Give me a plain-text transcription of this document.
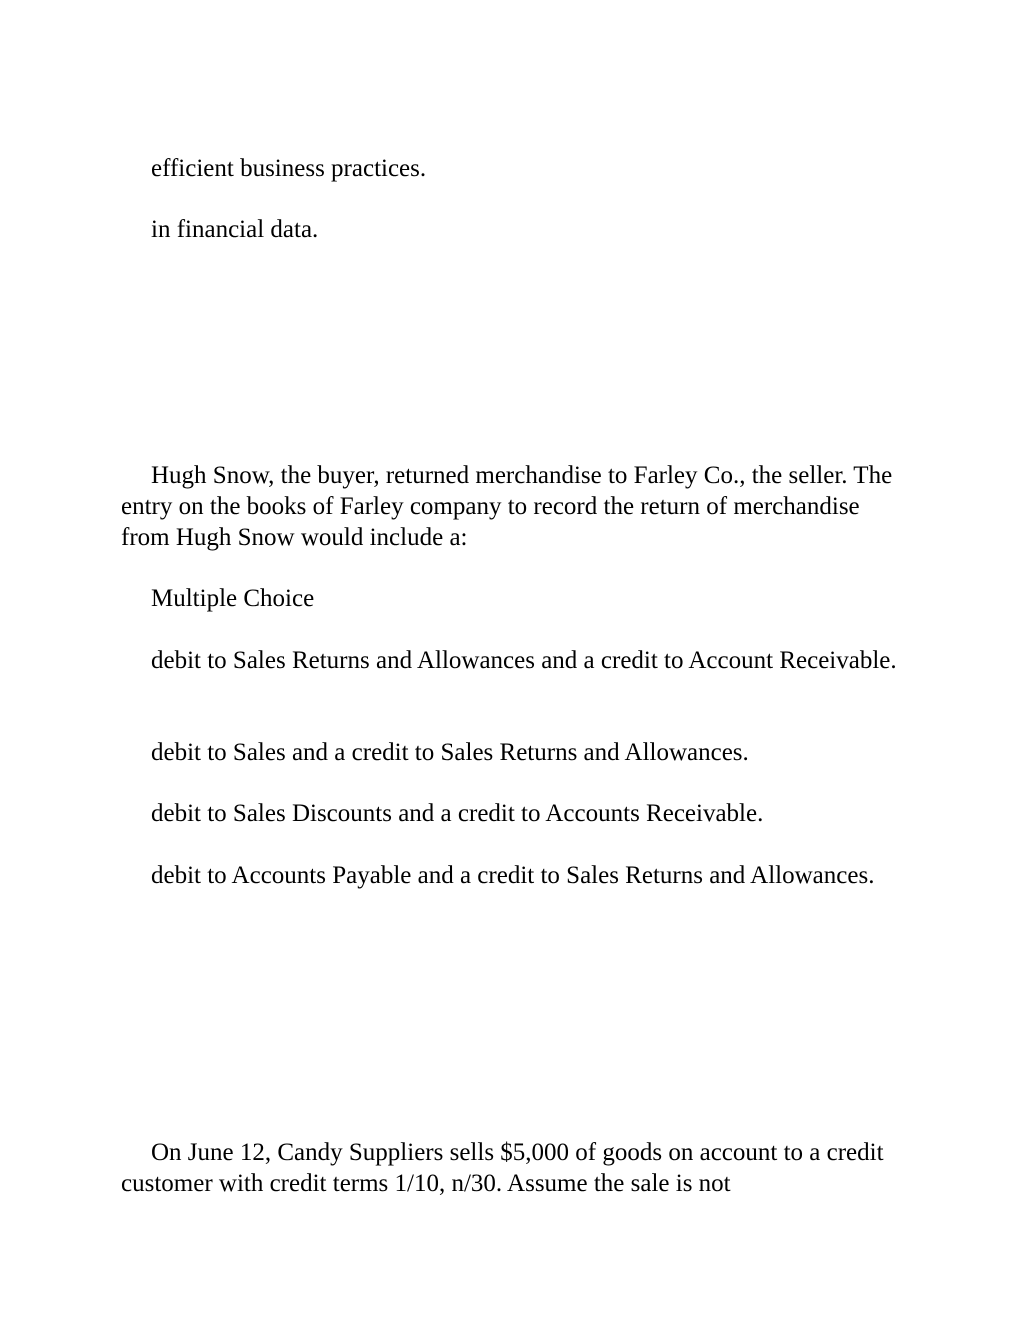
efficient business practices.

in financial data.

Hugh Snow, the buyer, returned merchandise to Farley Co., the seller. The entry on the books of Farley company to record the return of merchandise from Hugh Snow would include a:

Multiple Choice

debit to Sales Returns and Allowances and a credit to Account Receivable.

debit to Sales and a credit to Sales Returns and Allowances.

debit to Sales Discounts and a credit to Accounts Receivable.

debit to Accounts Payable and a credit to Sales Returns and Allowances.

On June 12, Candy Suppliers sells $5,000 of goods on account to a credit customer with credit terms 1/10, n/30. Assume the sale is not
